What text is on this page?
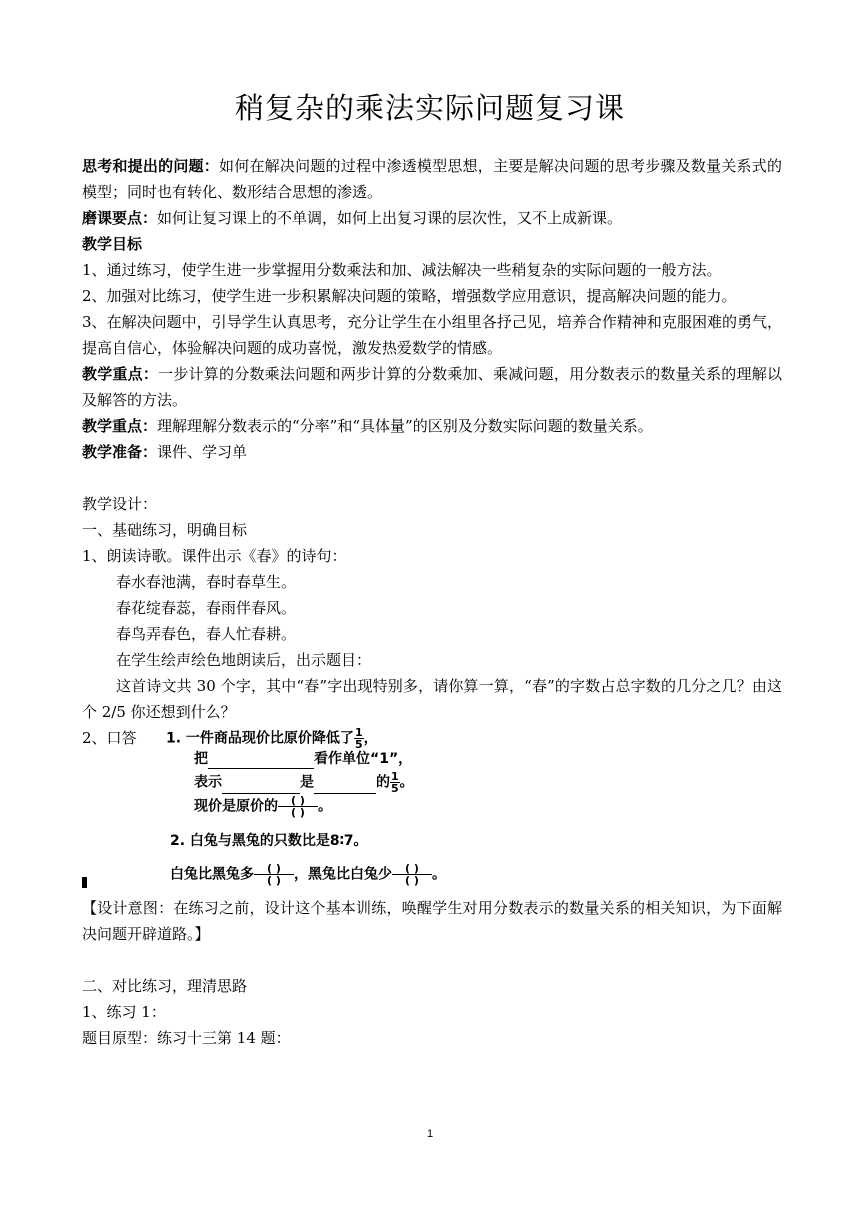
稍复杂的乘法实际问题复习课

思考和提出的问题：如何在解决问题的过程中渗透模型思想，主要是解决问题的思考步骤及数量关系式的模型；同时也有转化、数形结合思想的渗透。

磨课要点：如何让复习课上的不单调，如何上出复习课的层次性，又不上成新课。

教学目标

1、通过练习，使学生进一步掌握用分数乘法和加、减法解决一些稍复杂的实际问题的一般方法。

2、加强对比练习，使学生进一步积累解决问题的策略，增强数学应用意识，提高解决问题的能力。

3、在解决问题中，引导学生认真思考，充分让学生在小组里各抒己见，培养合作精神和克服困难的勇气，提高自信心，体验解决问题的成功喜悦，激发热爱数学的情感。

教学重点：一步计算的分数乘法问题和两步计算的分数乘加、乘减问题，用分数表示的数量关系的理解以及解答的方法。

教学重点：理解理解分数表示的“分率”和“具体量”的区别及分数实际问题的数量关系。

教学准备：课件、学习单

教学设计：

一、基础练习，明确目标

1、朗读诗歌。课件出示《春》的诗句：

春水春池满，春时春草生。

春花绽春蕊，春雨伴春风。

春鸟弄春色，春人忙春耕。

在学生绘声绘色地朗读后，出示题目：

这首诗文共 30 个字，其中“春”字出现特别多，请你算一算，“春”的字数占总字数的几分之几？由这个 2/5 你还想到什么？

2、口答 1. 一件商品现价比原价降低了 $\frac{1}{5}$ ，
把	看作单位“1”，
表示	是	的 $\frac{1}{5}$ 。
现价是原价的 $\frac{( )}{( )}$ 。
2. 白兔与黑兔的只数比是8∶7。
白兔比黑兔多 $\frac{( )}{( )}$ ，黑兔比白兔少 $\frac{( )}{( )}$ 。

【设计意图：在练习之前，设计这个基本训练，唤醒学生对用分数表示的数量关系的相关知识，为下面解决问题开辟道路。】

二、对比练习，理清思路

1、练习 1：

题目原型：练习十三第 14 题：

1
